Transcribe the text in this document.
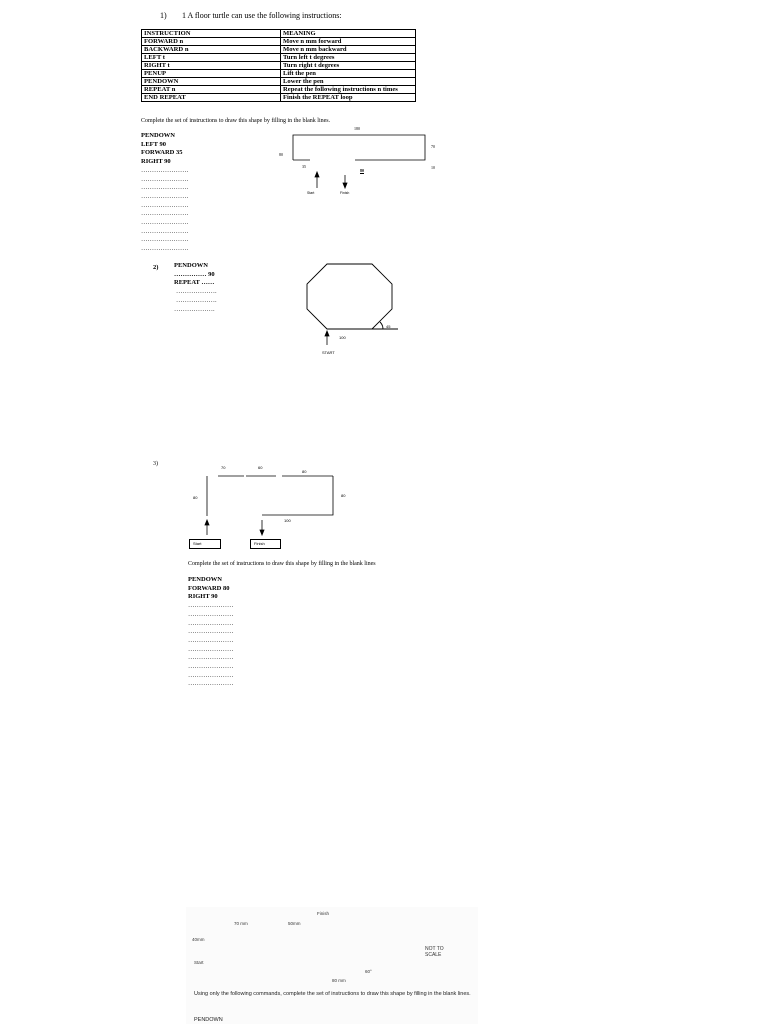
1) 1 A floor turtle can use the following instructions:
INSTRUCTION	MEANING
FORWARD n	Move n mm forward
BACKWARD n	Move n mm backward
LEFT t	Turn left t degrees
RIGHT t	Turn right t degrees
PENUP	Lift the pen
PENDOWN	Lower the pen
REPEAT n	Repeat the following instructions n times
END REPEAT	Finish the REPEAT loop
Complete the set of instructions to draw this shape by filling in the blank lines.
PENDOWN
LEFT 90
FORWARD 35
RIGHT 90
………………….
………………….
………………….
………………….
………………….
………………….
………………….
………………….
………………….
………………….
180
80
70
10
35
80
Start	Finish
2) PENDOWN
…………… 90
REPEAT ……
……………….
……………….
……………….
100
45
START
3)
70	60
80
80	80
100
Start	Finish
Complete the set of instructions to draw this shape by filling in the blank lines
PENDOWN
FORWARD 80
RIGHT 90
…………………
…………………
…………………
…………………
…………………
…………………
…………………
…………………
…………………
…………………
Finish
70 mm	50mm
40mm
Start
NOT TO
SCALE
60°
80 mm
Using only the following commands, complete the set of instructions to draw this shape by filling in the blank lines.
PENDOWN
